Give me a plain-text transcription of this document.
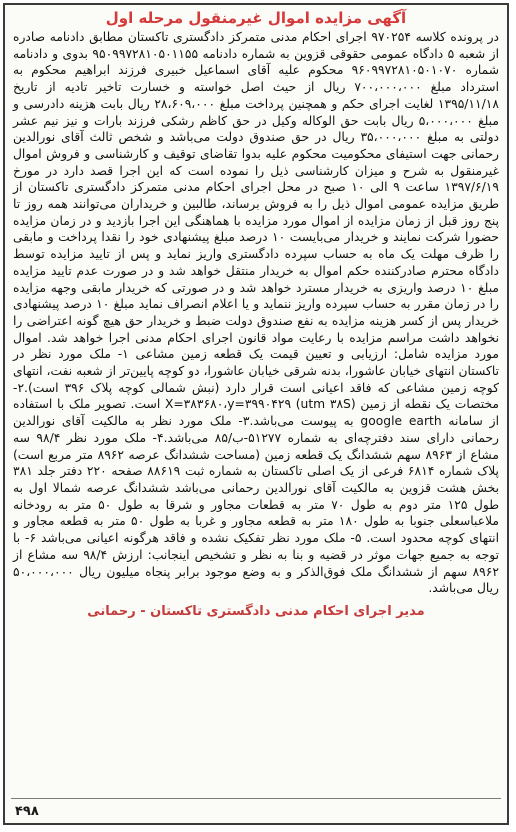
آگهی مزایده اموال غیرمنقول مرحله اول

در پرونده کلاسه ۹۷۰۲۵۴ اجرای احکام مدنی متمرکز دادگستری تاکستان مطابق دادنامه صادره از شعبه ۵ دادگاه عمومی حقوقی قزوین به شماره دادنامه ۹۵۰۹۹۷۲۸۱۰۵۰۱۱۵۵ بدوی و دادنامه شماره ۹۶۰۹۹۷۲۸۱۰۵۰۱۰۷۰ محکوم علیه آقای اسماعیل خبیری فرزند ابراهیم محکوم به استرداد مبلغ ۷۰۰،۰۰۰،۰۰۰ ریال از حیث اصل خواسته و خسارت تاخیر تادیه از تاریخ ۱۳۹۵/۱۱/۱۸ لغایت اجرای حکم و همچنین پرداخت مبلغ ۲۸،۶۰۹،۰۰۰ ریال بابت هزینه دادرسی و مبلغ ۵،۰۰۰،۰۰۰ ریال بابت حق الوکاله وکیل در حق کاظم رشکی فرزند بارات و نیز نیم عشر دولتی به مبلغ ۳۵،۰۰۰،۰۰۰ ریال در حق صندوق دولت می‌باشد و شخص ثالث آقای نورالدین رحمانی جهت استیفای محکومیت محکوم علیه بدوا تقاضای توقیف و کارشناسی و فروش اموال غیرمنقول به شرح و میزان کارشناسی ذیل را نموده است که این اجرا قصد دارد در مورخ ۱۳۹۷/۶/۱۹ ساعت ۹ الی ۱۰ صبح در محل اجرای احکام مدنی متمرکز دادگستری تاکستان از طریق مزایده عمومی اموال ذیل را به فروش برساند، طالبین و خریداران می‌توانند همه روز تا پنج روز قبل از زمان مزایده از اموال مورد مزایده با هماهنگی این اجرا بازدید و در زمان مزایده حضورا شرکت نمایند و خریدار می‌بایست ۱۰ درصد مبلغ پیشنهادی خود را نقدا پرداخت و مابقی را ظرف مهلت یک ماه به حساب سپرده دادگستری واریز نماید و پس از تایید مزایده توسط دادگاه محترم صادرکننده حکم اموال به خریدار منتقل خواهد شد و در صورت عدم تایید مزایده مبلغ ۱۰ درصد واریزی به خریدار مسترد خواهد شد و در صورتی که خریدار مابقی وجهه مزایده را در زمان مقرر به حساب سپرده واریز ننماید و یا اعلام انصراف نماید مبلغ ۱۰ درصد پیشنهادی خریدار پس از کسر هزینه مزایده به نفع صندوق دولت ضبط و خریدار حق هیچ گونه اعتراضی را نخواهد داشت مراسم مزایده با رعایت مواد قانون اجرای احکام مدنی اجرا خواهد شد. اموال مورد مزایده شامل: ارزیابی و تعیین قیمت یک قطعه زمین مشاعی ۱- ملک مورد نظر در تاکستان انتهای خیابان عاشورا، بدنه شرقی خیابان عاشورا، دو کوچه پایین‌تر از شعبه نفت، انتهای کوچه زمین مشاعی که فاقد اعیانی است قرار دارد (نبش شمالی کوچه پلاک ۳۹۶ است).۲- مختصات یک نقطه از زمین X=۳۸۳۶۸۰،y=۳۹۹۰۴۲۹ (utm ۳۸S) است. تصویر ملک با استفاده از سامانه google earth به پیوست می‌باشد.۳- ملک مورد نظر به مالکیت آقای نورالدین رحمانی دارای سند دفترچه‌ای به شماره ۵۱۲۷۷-ب/۸۵ می‌باشد.۴- ملک مورد نظر ۹۸/۴ سه مشاع از ۸۹۶۳ سهم ششدانگ یک قطعه زمین (مساحت ششدانگ عرصه ۸۹۶۲ متر مربع است) پلاک شماره ۶۸۱۴ فرعی از یک اصلی تاکستان به شماره ثبت ۸۸۶۱۹ صفحه ۲۲۰ دفتر جلد ۳۸۱ بخش هشت قزوین به مالکیت آقای نورالدین رحمانی می‌باشد ششدانگ عرصه شمالا اول به طول ۱۲۵ متر دوم به طول ۷۰ متر به قطعات مجاور و شرقا به طول ۵۰ متر به رودخانه ملاعباسعلی جنوبا به طول ۱۸۰ متر به قطعه مجاور و غربا به طول ۵۰ متر به قطعه مجاور و انتهای کوچه محدود است. ۵- ملک مورد نظر تفکیک نشده و فاقد هرگونه اعیانی می‌باشد ۶- با توجه به جمیع جهات موثر در قضیه و بنا به نظر و تشخیص اینجانب: ارزش ۹۸/۴ سه مشاع از ۸۹۶۲ سهم از ششدانگ ملک فوق‌الذکر و به وضع موجود برابر پنجاه میلیون ریال ۵۰،۰۰۰،۰۰۰ ریال می‌باشد.

مدیر اجرای احکام مدنی دادگستری تاکستان - رحمانی
۴۹۸
